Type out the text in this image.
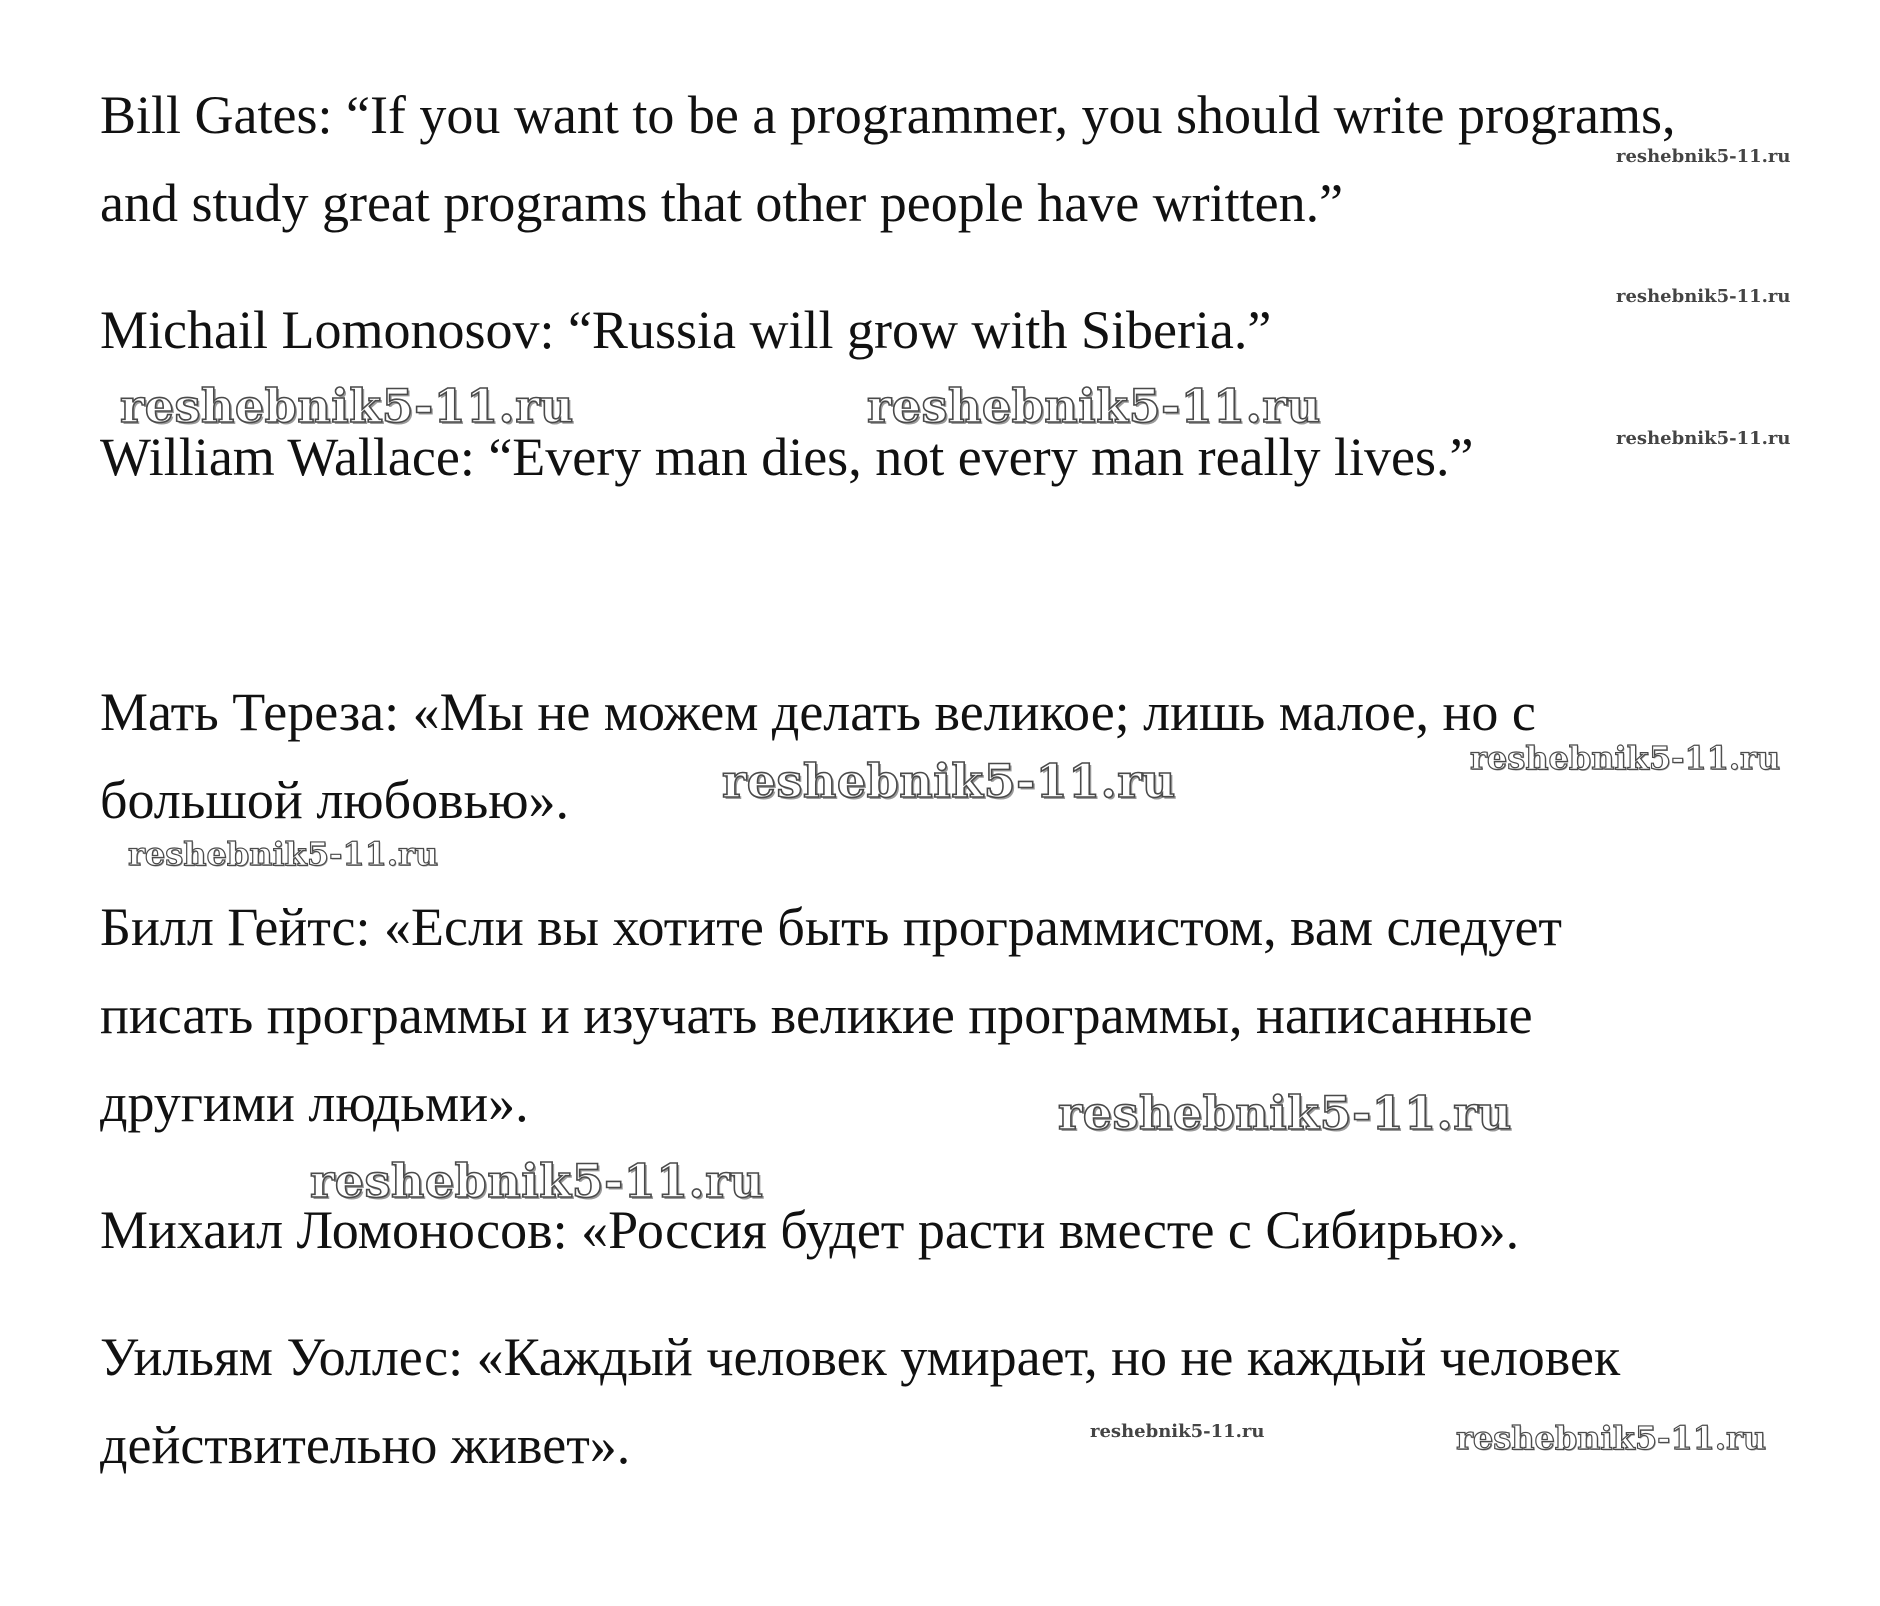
Bill Gates: “If you want to be a programmer, you should write programs,
and study great programs that other people have written.”
Michail Lomonosov: “Russia will grow with Siberia.”
William Wallace: “Every man dies, not every man really lives.”
Мать Тереза: «Мы не можем делать великое; лишь малое, но с
большой любовью».
Билл Гейтс: «Если вы хотите быть программистом, вам следует
писать программы и изучать великие программы, написанные
другими людьми».
Михаил Ломоносов: «Россия будет расти вместе с Сибирью».
Уильям Уоллес: «Каждый человек умирает, но не каждый человек
действительно живет».
reshebnik5-11.ru
reshebnik5-11.ru
reshebnik5-11.ru
reshebnik5-11.ru	reshebnik5-11.ru
reshebnik5-11.ru	reshebnik5-11.ru
reshebnik5-11.ru
reshebnik5-11.ru
reshebnik5-11.ru
reshebnik5-11.ru	reshebnik5-11.ru
